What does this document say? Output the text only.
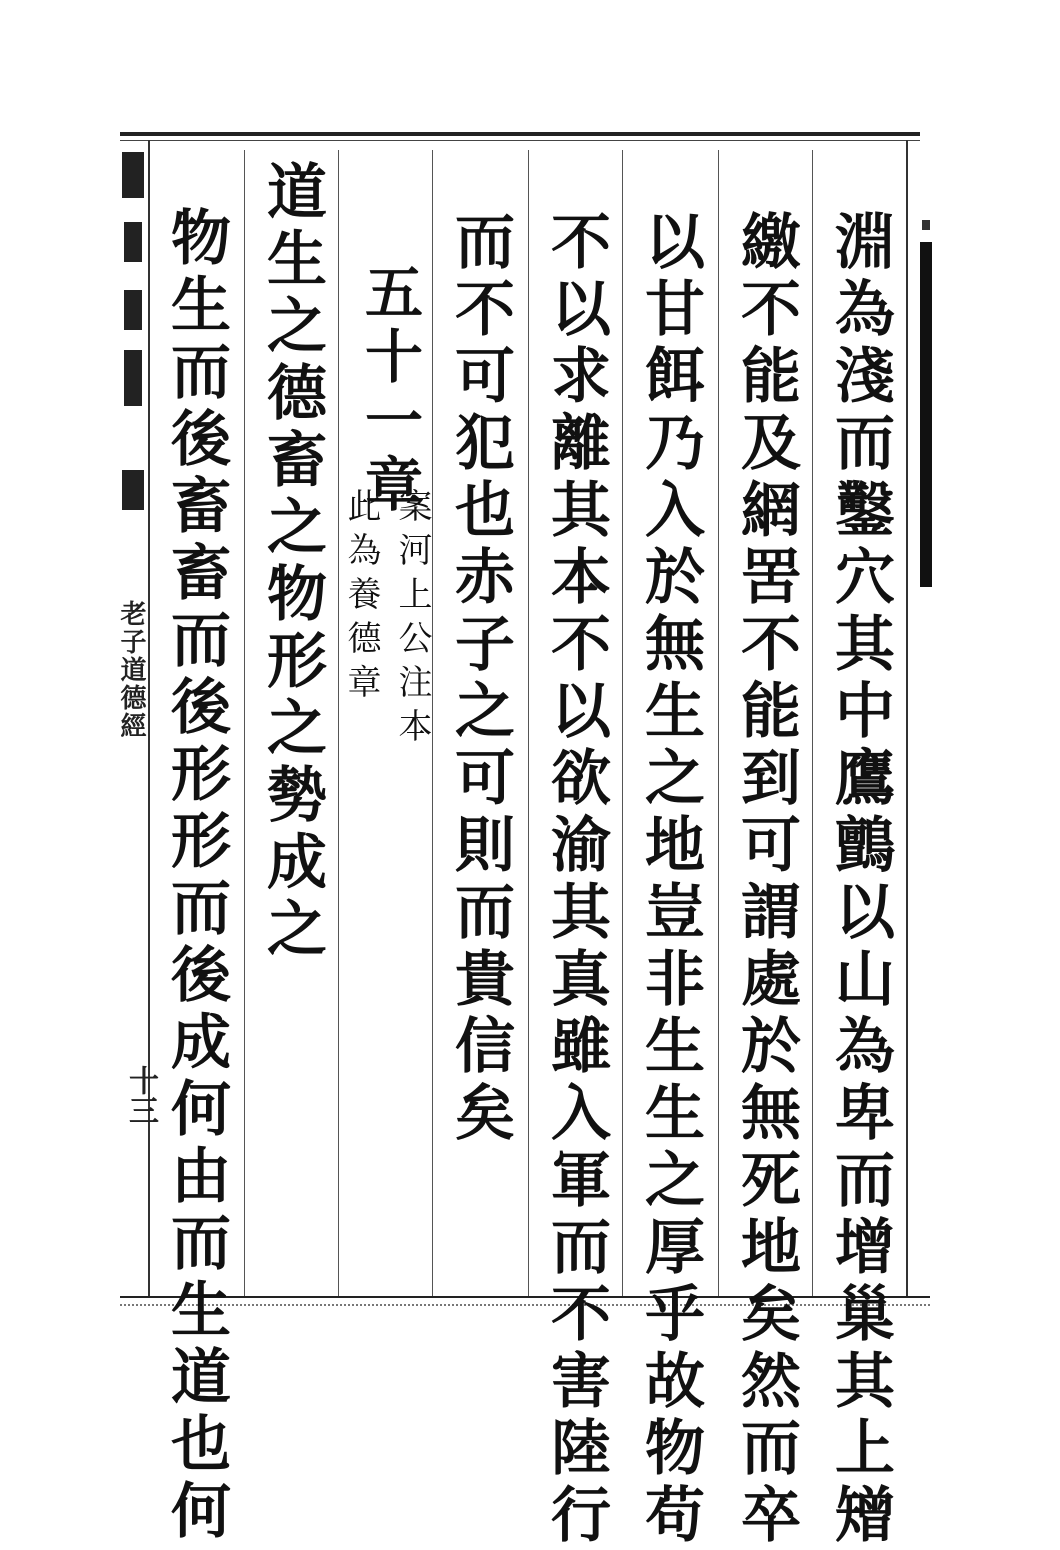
淵為淺而鑿穴其中鷹鸇以山為卑而增巢其上矰
繳不能及網罟不能到可謂處於無死地矣然而卒
以甘餌乃入於無生之地豈非生生之厚乎故物苟
不以求離其本不以欲渝其真雖入軍而不害陸行
而不可犯也赤子之可則而貴信矣
五十一章
案河上公注本
此為養德章
道生之德畜之物形之勢成之
物生而後畜畜而後形形而後成何由而生道也何
老子道德經
十三
